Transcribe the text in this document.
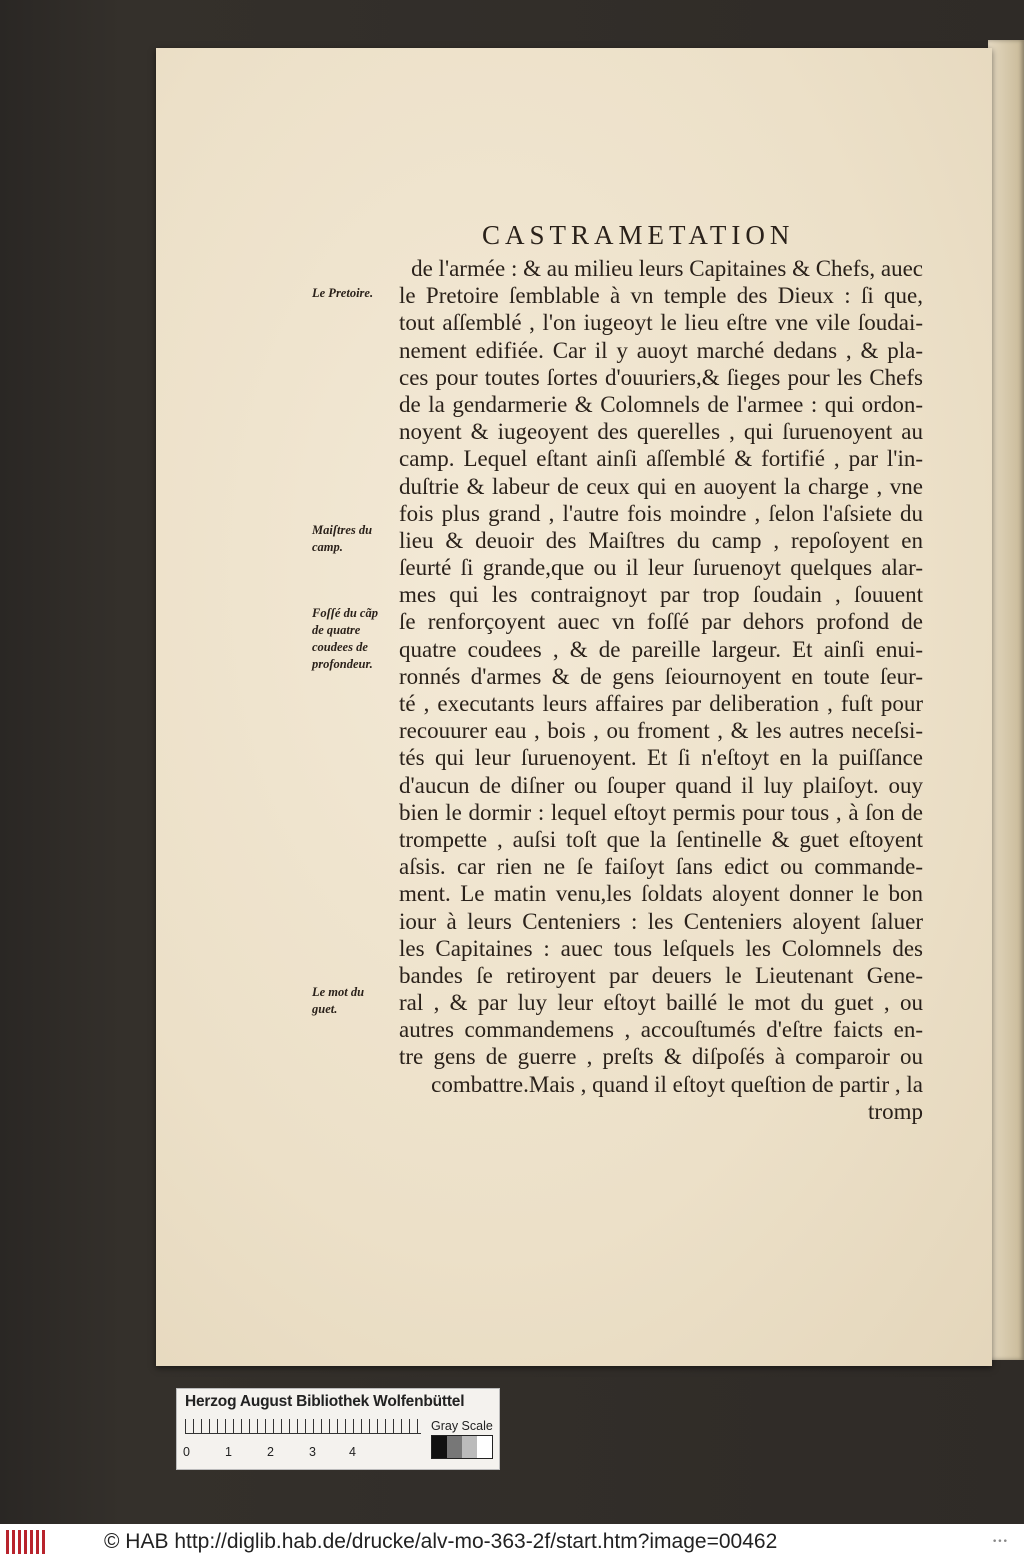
CASTRAMETATION
de l'armée : & au milieu leurs Capitaines & Chefs, auec
le Pretoire ſemblable à vn temple des Dieux : ſi que,
tout aſſemblé , l'on iugeoyt le lieu eſtre vne vile ſoudai-
nement edifiée. Car il y auoyt marché dedans , & pla-
ces pour toutes ſortes d'ouuriers,& ſieges pour les Chefs
de la gendarmerie & Colomnels de l'armee : qui ordon-
noyent & iugeoyent des querelles , qui ſuruenoyent au
camp. Lequel eſtant ainſi aſſemblé & fortifié , par l'in-
duſtrie & labeur de ceux qui en auoyent la charge , vne
fois plus grand , l'autre fois moindre , ſelon l'aſsiete du
lieu & deuoir des Maiſtres du camp , repoſoyent en
ſeurté ſi grande,que ou il leur ſuruenoyt quelques alar-
mes qui les contraignoyt par trop ſoudain , ſouuent
ſe renforçoyent auec vn foſſé par dehors profond de
quatre coudees , & de pareille largeur. Et ainſi enui-
ronnés d'armes & de gens ſeiournoyent en toute ſeur-
té , executants leurs affaires par deliberation , fuſt pour
recouurer eau , bois , ou froment , & les autres neceſsi-
tés qui leur ſuruenoyent. Et ſi n'eſtoyt en la puiſſance
d'aucun de diſner ou ſouper quand il luy plaiſoyt. ouy
bien le dormir : lequel eſtoyt permis pour tous , à ſon de
trompette , auſsi toſt que la ſentinelle & guet eſtoyent
aſsis. car rien ne ſe faiſoyt ſans edict ou commande-
ment. Le matin venu,les ſoldats aloyent donner le bon
iour à leurs Centeniers : les Centeniers aloyent ſaluer
les Capitaines : auec tous leſquels les Colomnels des
bandes ſe retiroyent par deuers le Lieutenant Gene-
ral , & par luy leur eſtoyt baillé le mot du guet , ou
autres commandemens , accouſtumés d'eſtre faicts en-
tre gens de guerre , preſts & diſpoſés à comparoir ou
combattre.Mais , quand il eſtoyt queſtion de partir , la
tromp
Le Pretoire.
Maiſtres du camp.
Foſſé du cãp de quatre coudees de profondeur.
Le mot du guet.
Herzog August Bibliothek Wolfenbüttel
Gray Scale
0	1	2	3	4
© HAB http://diglib.hab.de/drucke/alv-mo-363-2f/start.htm?image=00462	•••
